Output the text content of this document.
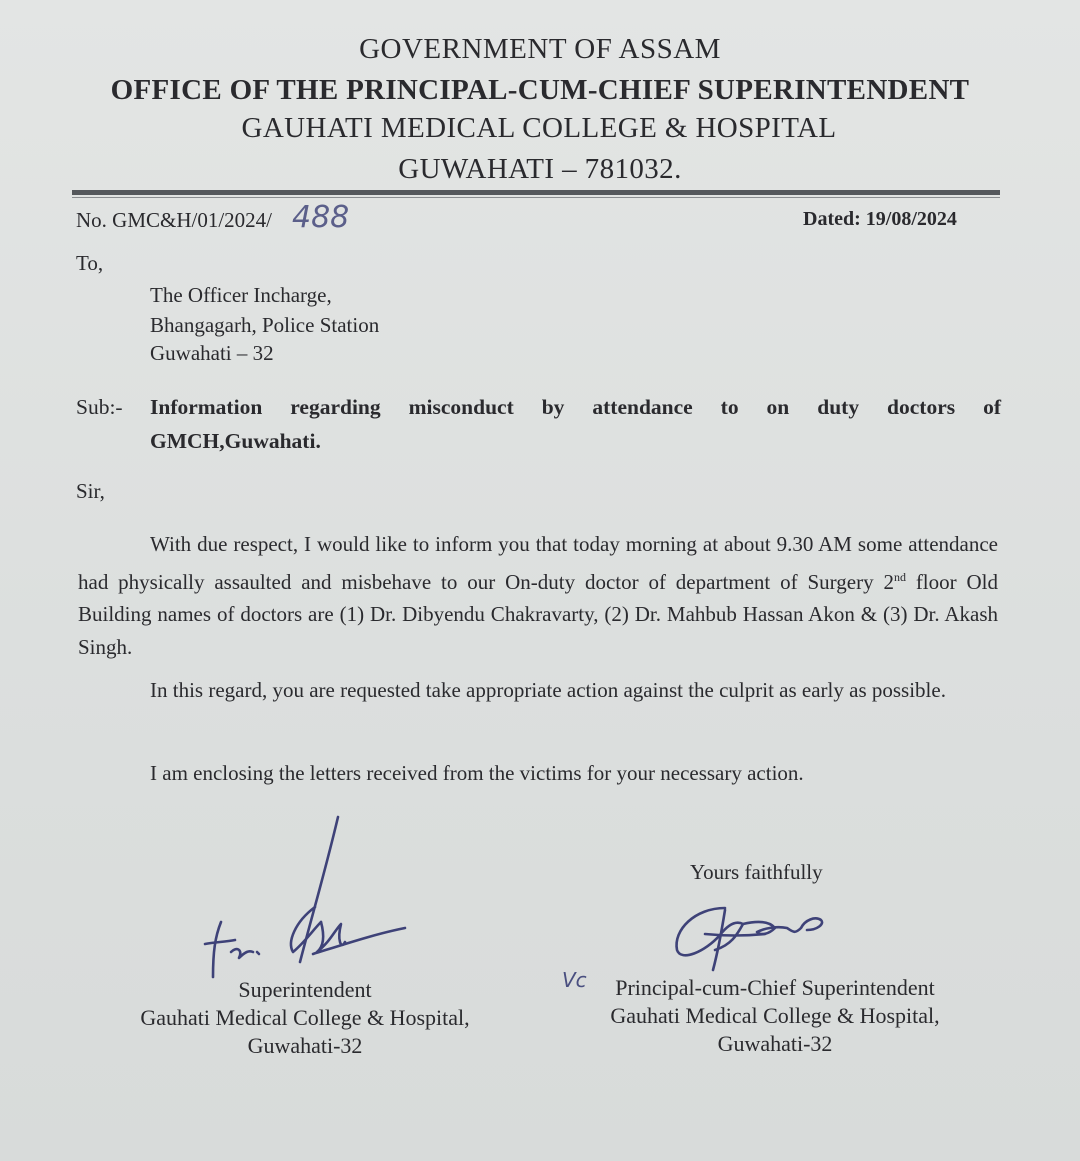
GOVERNMENT OF ASSAM
OFFICE OF THE PRINCIPAL-CUM-CHIEF SUPERINTENDENT
GAUHATI MEDICAL COLLEGE & HOSPITAL
GUWAHATI – 781032.
No. GMC&H/01/2024/ 488	Dated: 19/08/2024
To,
The Officer Incharge,
Bhangagarh, Police Station
Guwahati – 32
Sub:- Information regarding misconduct by attendance to on duty doctors of
GMCH,Guwahati.
Sir,
With due respect, I would like to inform you that today morning at about 9.30 AM some attendance had physically assaulted and misbehave to our On-duty doctor of department of Surgery 2nd floor Old Building names of doctors are (1) Dr. Dibyendu Chakravarty, (2) Dr. Mahbub Hassan Akon & (3) Dr. Akash Singh.
In this regard, you are requested take appropriate action against the culprit as early as possible.
I am enclosing the letters received from the victims for your necessary action.
Yours faithfully
Superintendent
Gauhati Medical College & Hospital,
Guwahati-32
Vc	Principal-cum-Chief Superintendent
Gauhati Medical College & Hospital,
Guwahati-32
